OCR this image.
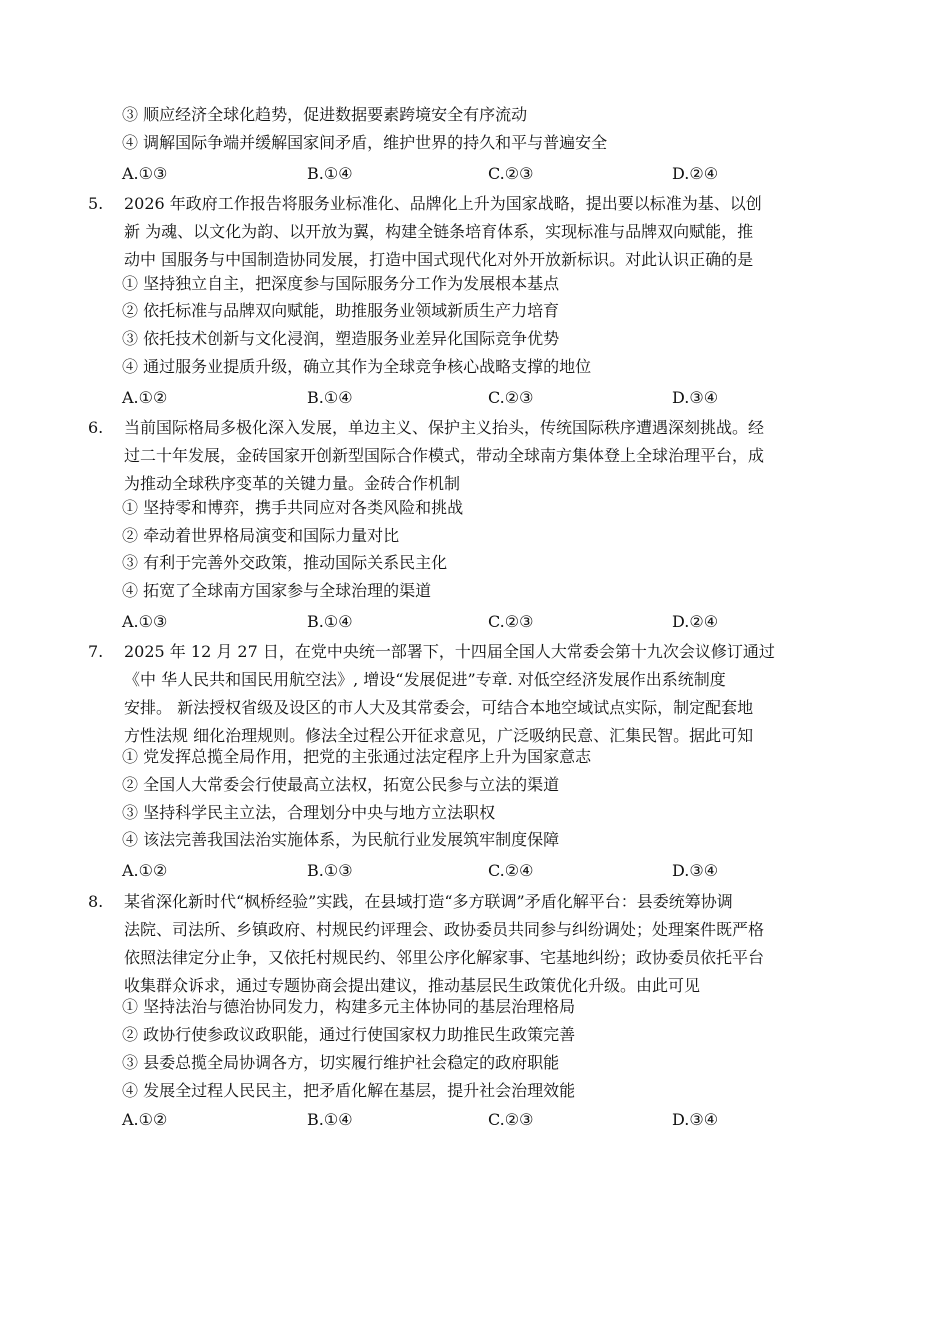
③ 顺应经济全球化趋势，促进数据要素跨境安全有序流动
④ 调解国际争端并缓解国家间矛盾，维护世界的持久和平与普遍安全
A.①③	B.①④	C.②③	D.②④
5. 2026 年政府工作报告将服务业标准化、品牌化上升为国家战略，提出要以标准为基、以创
新 为魂、以文化为韵、以开放为翼，构建全链条培育体系，实现标准与品牌双向赋能，推
动中 国服务与中国制造协同发展，打造中国式现代化对外开放新标识。对此认识正确的是
① 坚持独立自主，把深度参与国际服务分工作为发展根本基点
② 依托标准与品牌双向赋能，助推服务业领域新质生产力培育
③ 依托技术创新与文化浸润，塑造服务业差异化国际竞争优势
④ 通过服务业提质升级，确立其作为全球竞争核心战略支撑的地位
A.①②	B.①④	C.②③	D.③④
6. 当前国际格局多极化深入发展，单边主义、保护主义抬头，传统国际秩序遭遇深刻挑战。经
过二十年发展，金砖国家开创新型国际合作模式，带动全球南方集体登上全球治理平台，成
为推动全球秩序变革的关键力量。金砖合作机制
① 坚持零和博弈，携手共同应对各类风险和挑战
② 牵动着世界格局演变和国际力量对比
③ 有利于完善外交政策，推动国际关系民主化
④ 拓宽了全球南方国家参与全球治理的渠道
A.①③	B.①④	C.②③	D.②④
7. 2025 年 12 月 27 日，在党中央统一部署下，十四届全国人大常委会第十九次会议修订通过
《中 华人民共和国民用航空法》, 增设“发展促进”专章. 对低空经济发展作出系统制度
安排。 新法授权省级及设区的市人大及其常委会，可结合本地空域试点实际，制定配套地
方性法规 细化治理规则。修法全过程公开征求意见，广泛吸纳民意、汇集民智。据此可知
① 党发挥总揽全局作用，把党的主张通过法定程序上升为国家意志
② 全国人大常委会行使最高立法权，拓宽公民参与立法的渠道
③ 坚持科学民主立法，合理划分中央与地方立法职权
④ 该法完善我国法治实施体系，为民航行业发展筑牢制度保障
A.①②	B.①③	C.②④	D.③④
8. 某省深化新时代“枫桥经验”实践，在县域打造“多方联调”矛盾化解平台：县委统筹协调
法院、司法所、乡镇政府、村规民约评理会、政协委员共同参与纠纷调处；处理案件既严格
依照法律定分止争，又依托村规民约、邻里公序化解家事、宅基地纠纷；政协委员依托平台
收集群众诉求，通过专题协商会提出建议，推动基层民生政策优化升级。由此可见
① 坚持法治与德治协同发力，构建多元主体协同的基层治理格局
② 政协行使参政议政职能，通过行使国家权力助推民生政策完善
③ 县委总揽全局协调各方，切实履行维护社会稳定的政府职能
④ 发展全过程人民民主，把矛盾化解在基层，提升社会治理效能
A.①②	B.①④	C.②③	D.③④
